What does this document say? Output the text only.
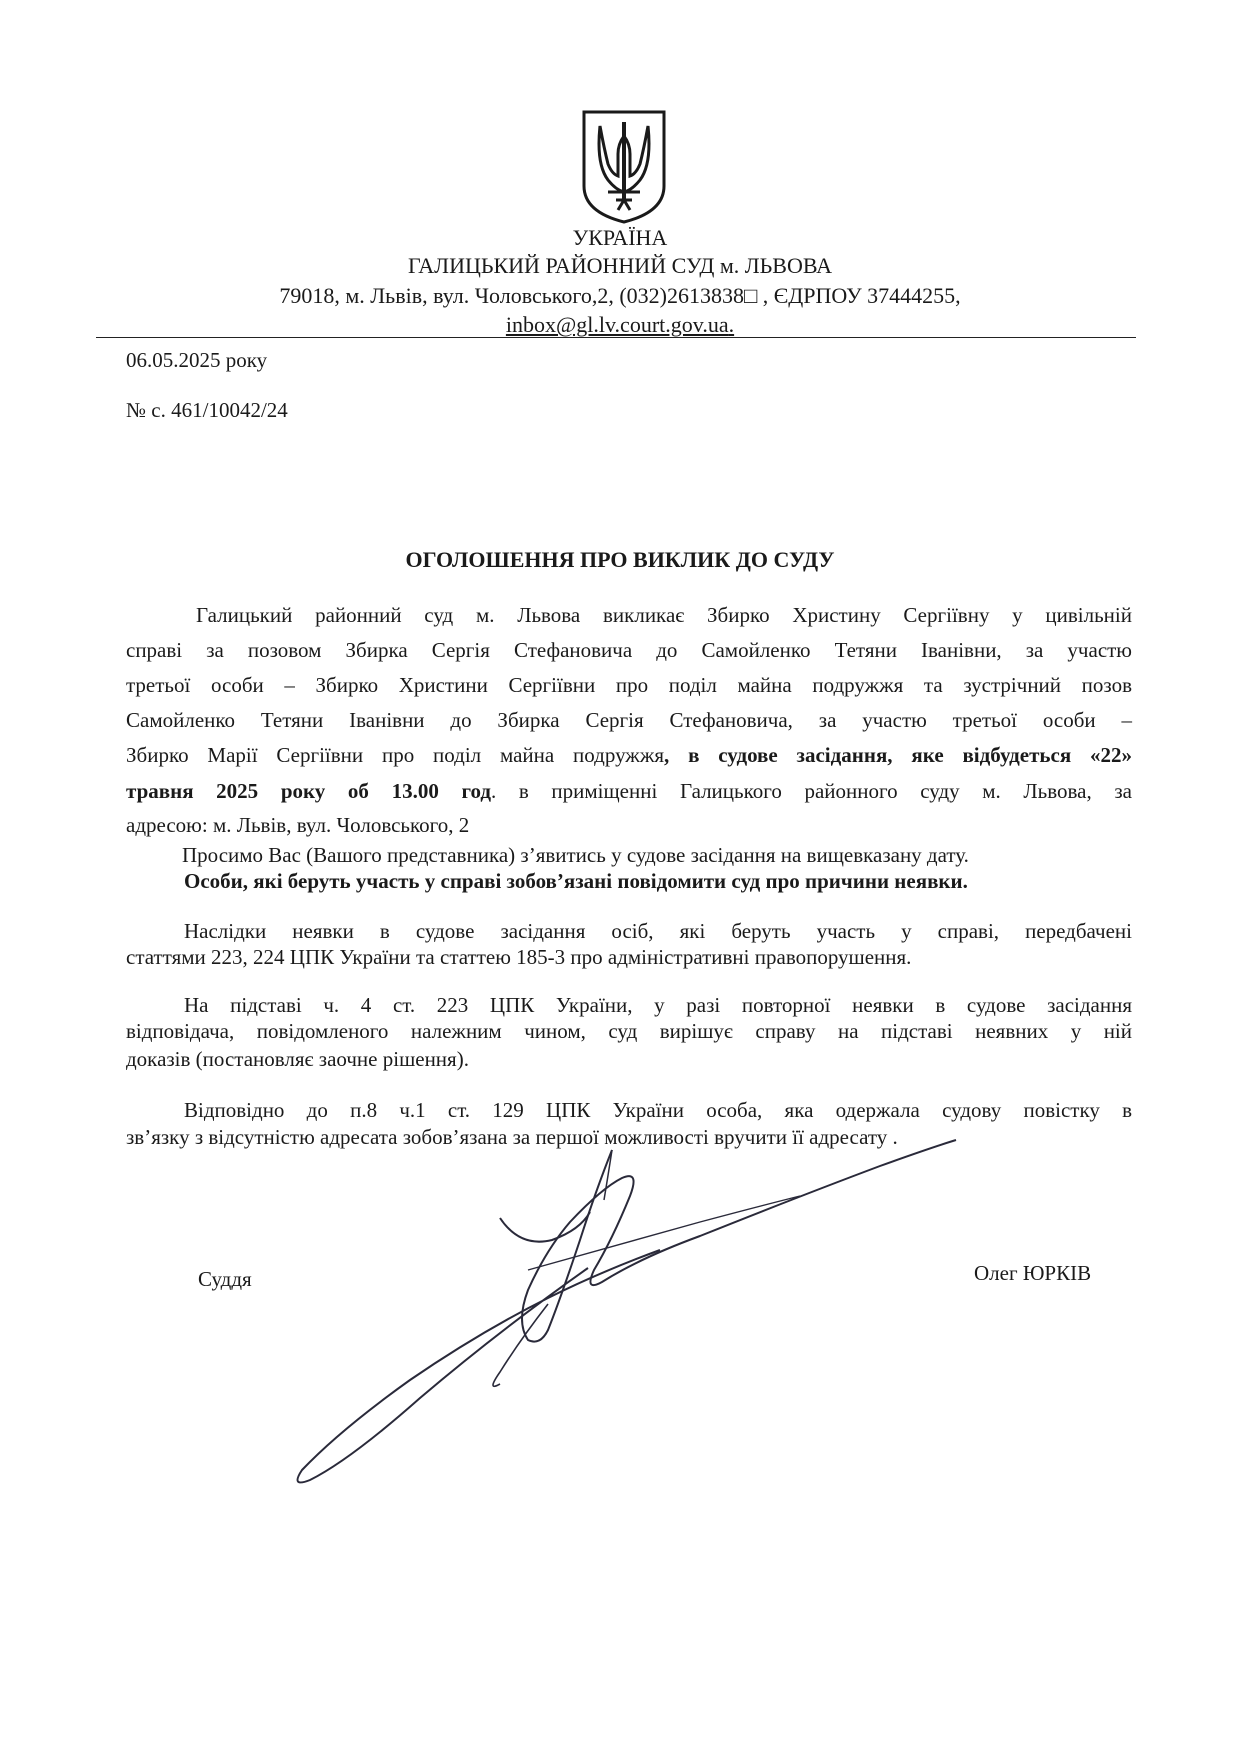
УКРАЇНА
ГАЛИЦЬКИЙ РАЙОННИЙ СУД м. ЛЬВОВА
79018, м. Львів, вул. Чоловського,2, (032)2613838□ , ЄДРПОУ 37444255,
inbox@gl.lv.court.gov.ua.
06.05.2025 року
№ с. 461/10042/24
ОГОЛОШЕННЯ ПРО ВИКЛИК ДО СУДУ
Галицький районний суд м. Львова викликає Збирко Христину Сергіївну у цивільній
справі за позовом Збирка Сергія Стефановича до Самойленко Тетяни Іванівни, за участю
третьої особи – Збирко Христини Сергіївни про поділ майна подружжя та зустрічний позов
Самойленко Тетяни Іванівни до Збирка Сергія Стефановича, за участю третьої особи –
Збирко Марії Сергіївни про поділ майна подружжя, в судове засідання, яке відбудеться «22»
травня 2025 року об 13.00 год. в приміщенні Галицького районного суду м. Львова, за
адресою: м. Львів, вул. Чоловського, 2
Просимо Вас (Вашого представника) з’явитись у судове засідання на вищевказану дату.
Особи, які беруть участь у справі зобов’язані повідомити суд про причини неявки.
Наслідки неявки в судове засідання осіб, які беруть участь у справі, передбачені
статтями 223, 224 ЦПК України та статтею 185-3 про адміністративні правопорушення.
На підставі ч. 4 ст. 223 ЦПК України, у разі повторної неявки в судове засідання
відповідача, повідомленого належним чином, суд вирішує справу на підставі неявних у ній
доказів (постановляє заочне рішення).
Відповідно до п.8 ч.1 ст. 129 ЦПК України особа, яка одержала судову повістку в
зв’язку з відсутністю адресата зобов’язана за першої можливості вручити її адресату .
Суддя	Олег ЮРКІВ
